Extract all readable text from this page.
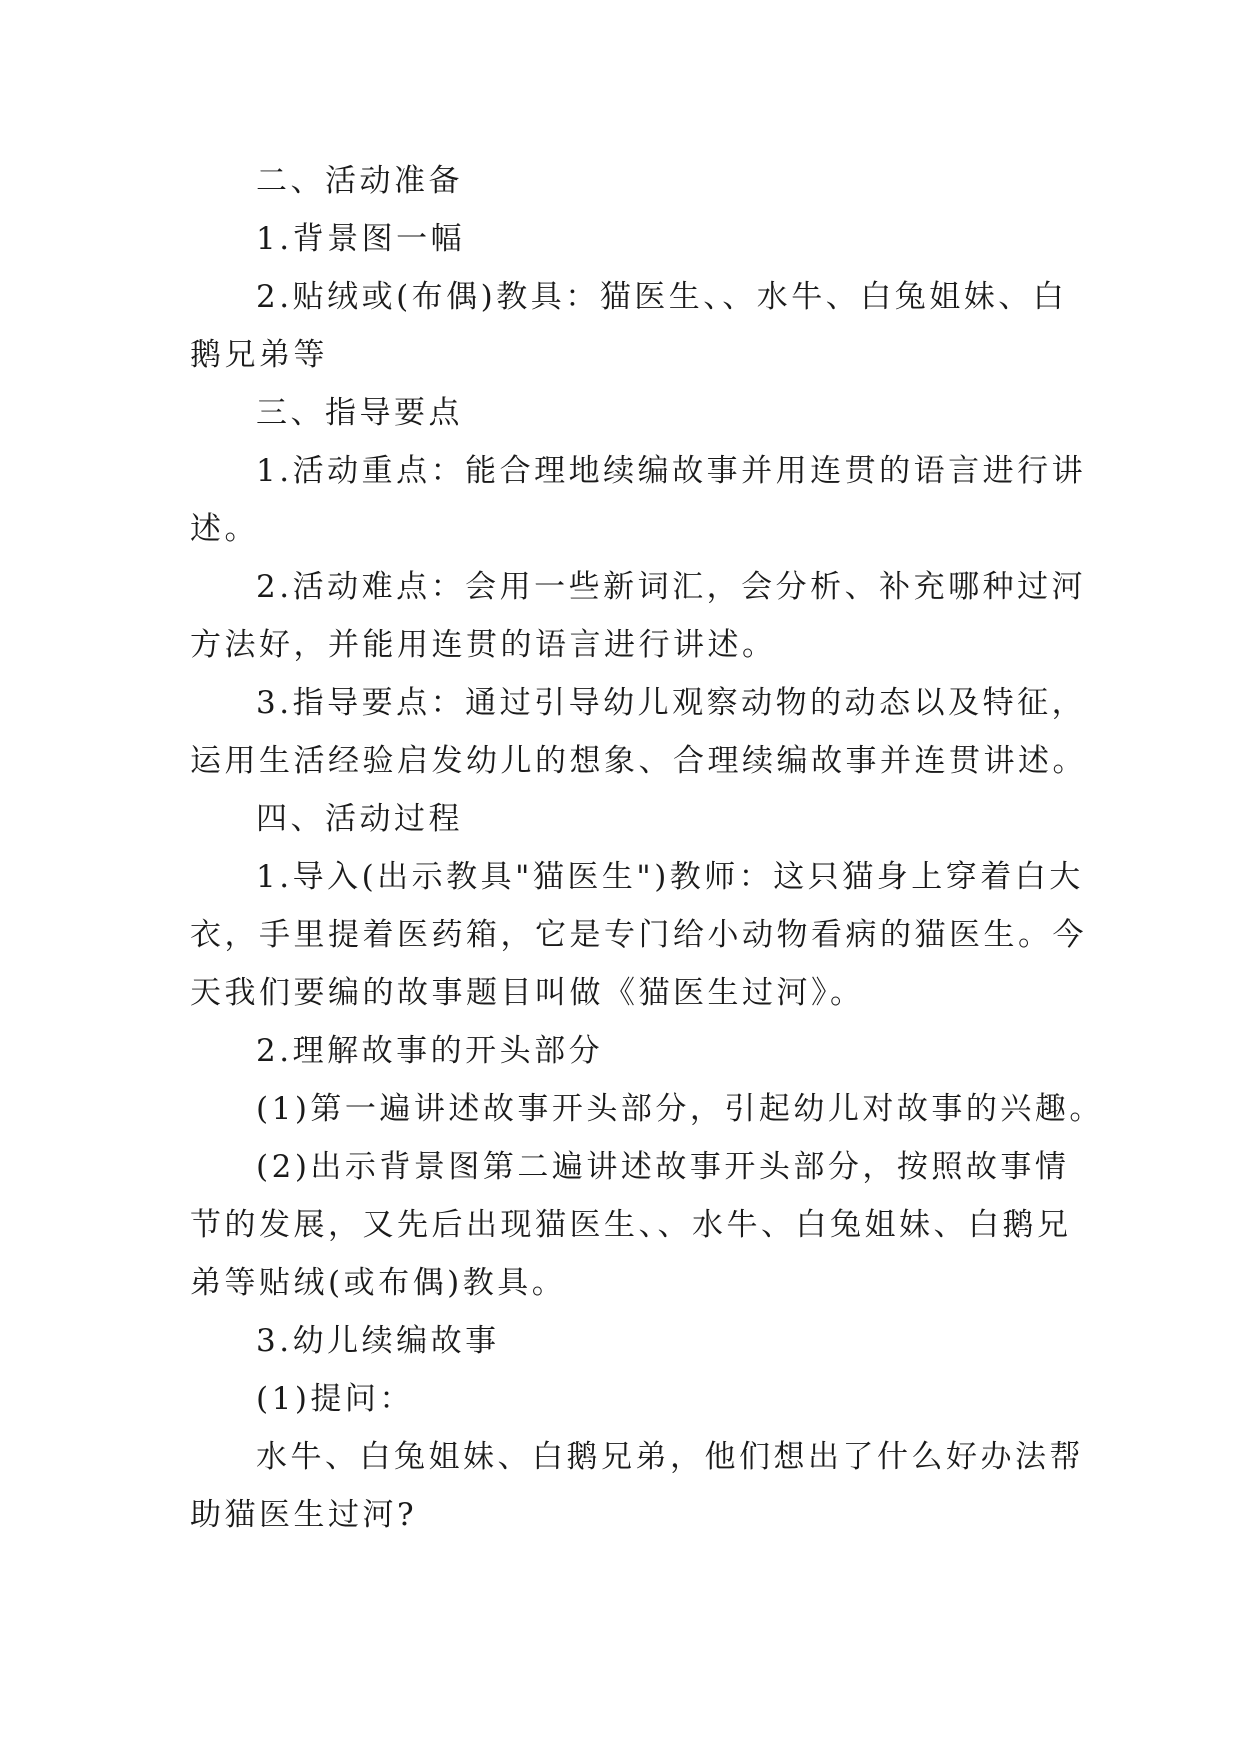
二、活动准备
1.背景图一幅
2.贴绒或(布偶)教具：猫医生、、水牛、白兔姐妹、白
鹅兄弟等
三、指导要点
1.活动重点：能合理地续编故事并用连贯的语言进行讲
述。
2.活动难点：会用一些新词汇，会分析、补充哪种过河
方法好，并能用连贯的语言进行讲述。
3.指导要点：通过引导幼儿观察动物的动态以及特征，
运用生活经验启发幼儿的想象、合理续编故事并连贯讲述。
四、活动过程
1.导入(出示教具"猫医生")教师：这只猫身上穿着白大
衣，手里提着医药箱，它是专门给小动物看病的猫医生。今
天我们要编的故事题目叫做《猫医生过河》。
2.理解故事的开头部分
(1)第一遍讲述故事开头部分，引起幼儿对故事的兴趣。
(2)出示背景图第二遍讲述故事开头部分，按照故事情
节的发展，又先后出现猫医生、、水牛、白兔姐妹、白鹅兄
弟等贴绒(或布偶)教具。
3.幼儿续编故事
(1)提问：
水牛、白兔姐妹、白鹅兄弟，他们想出了什么好办法帮
助猫医生过河?
